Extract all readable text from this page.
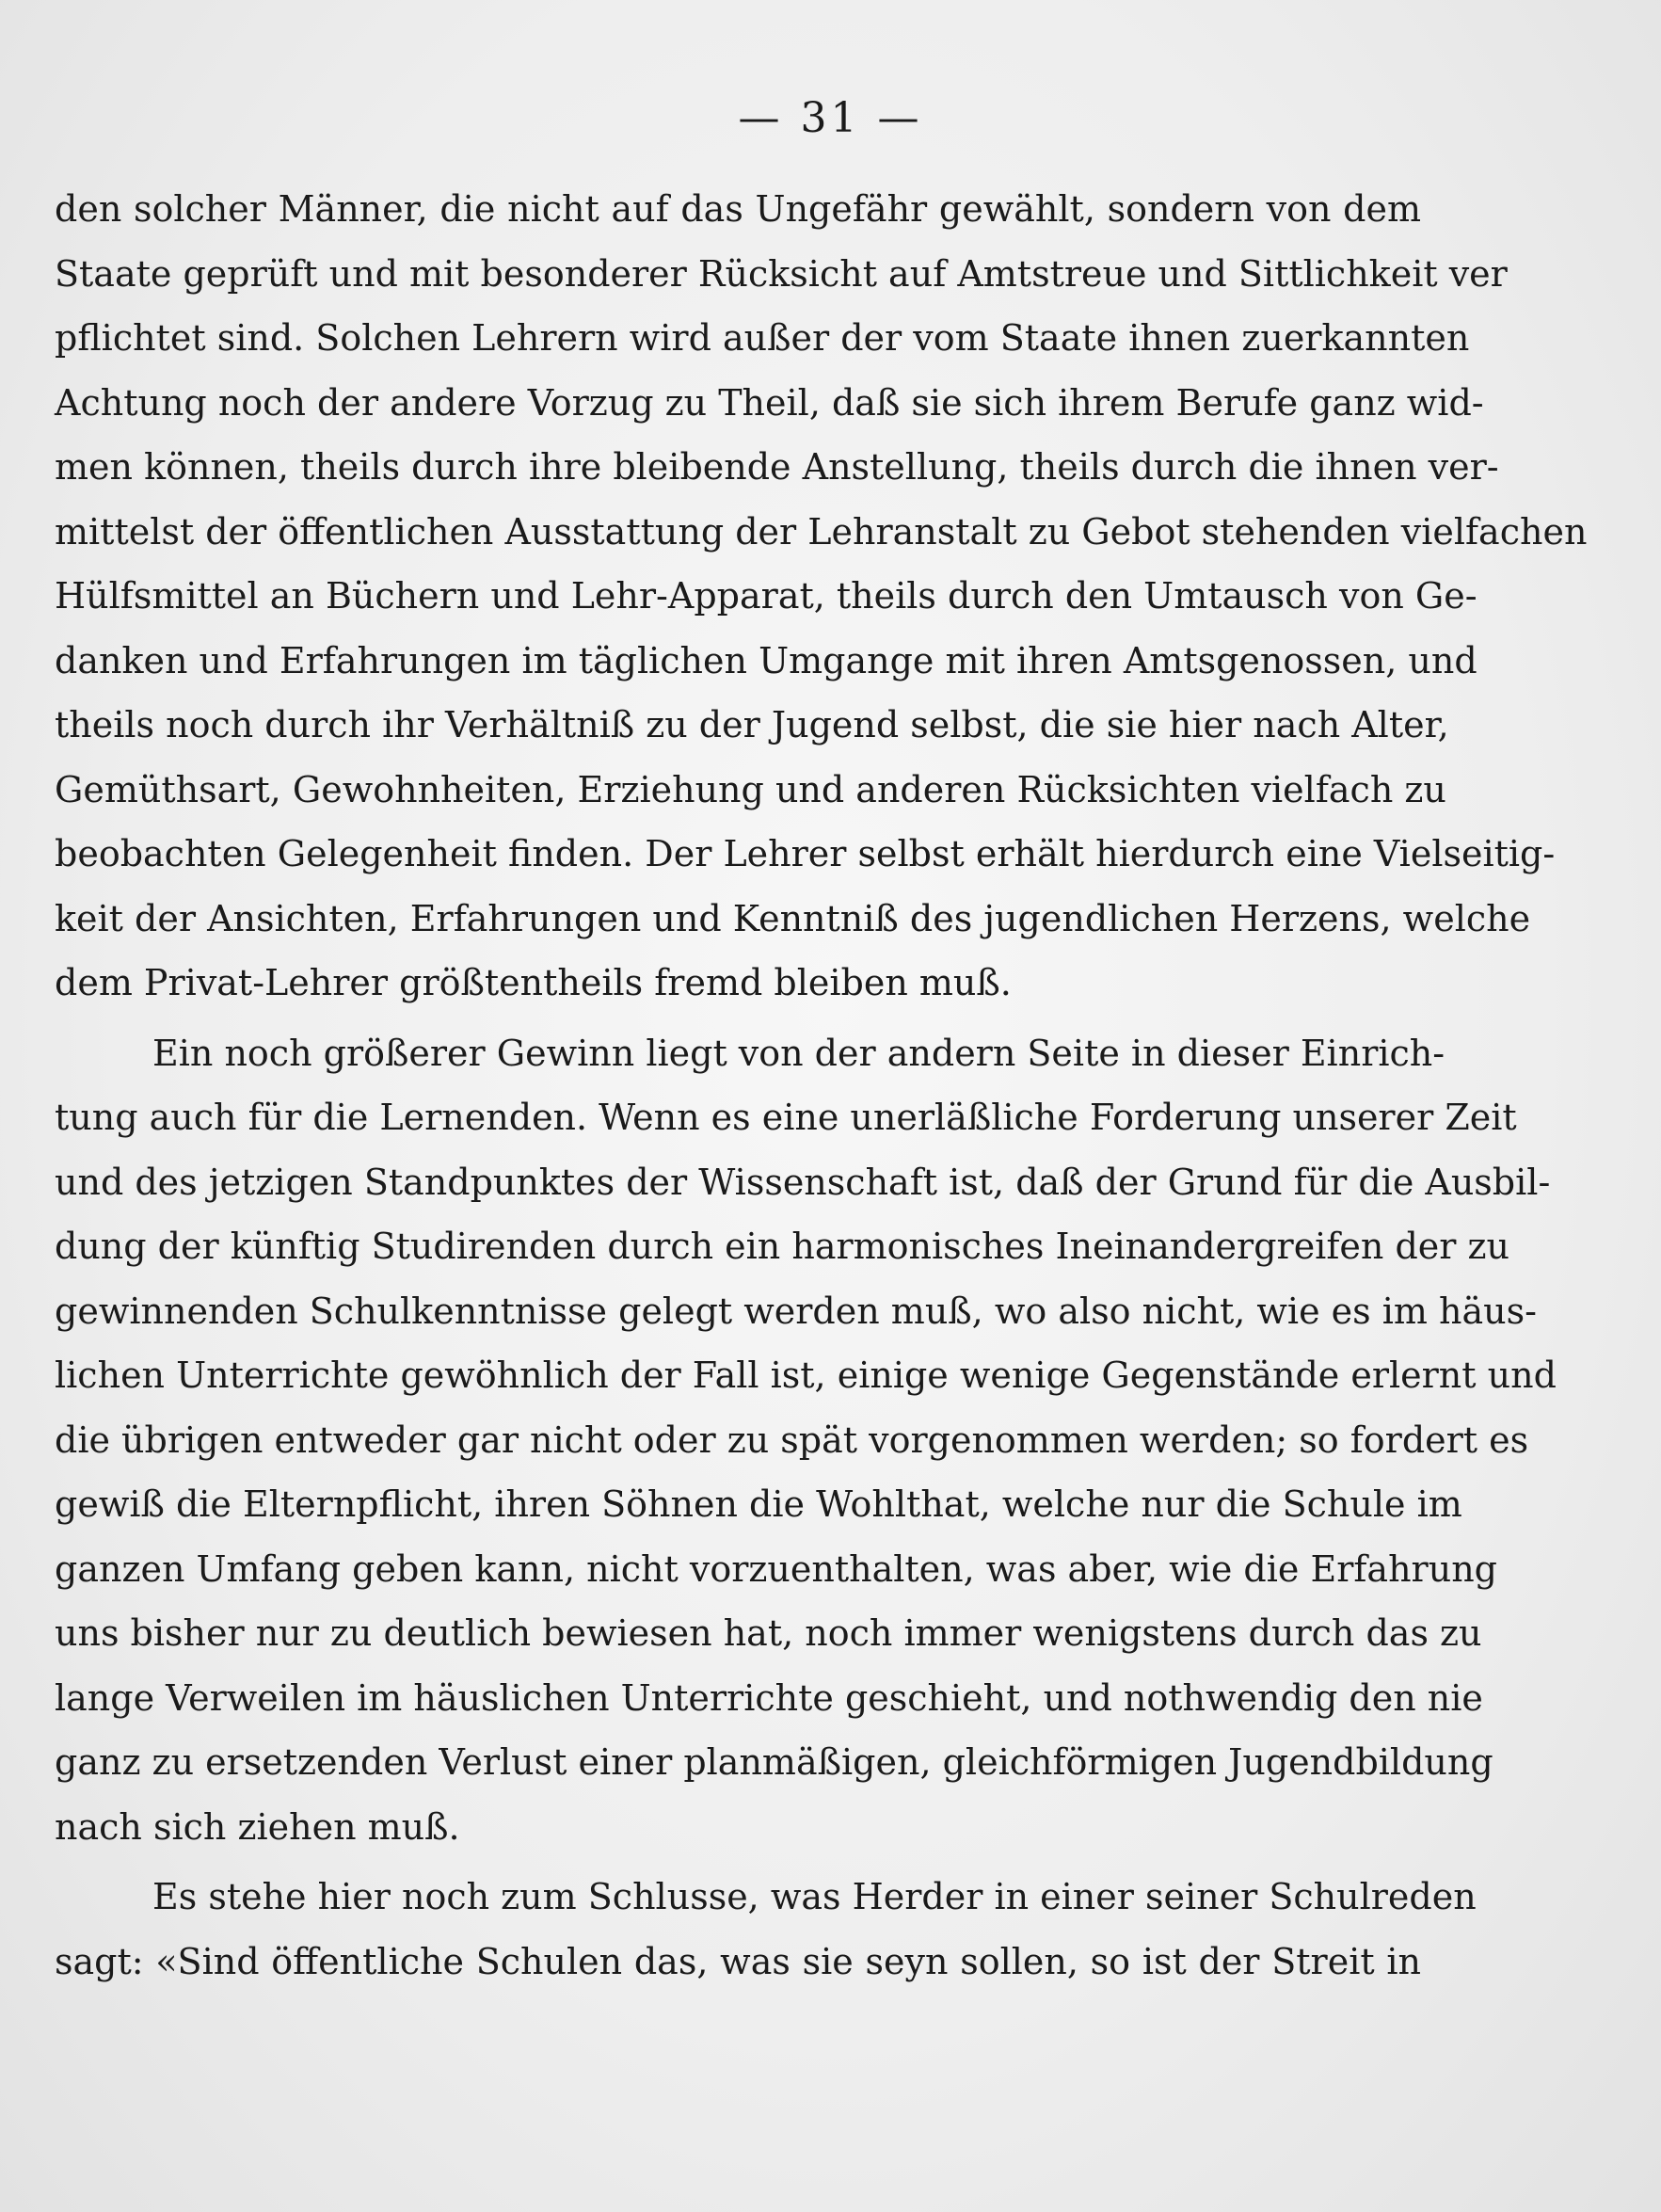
— 31 —
den solcher Männer, die nicht auf das Ungefähr gewählt, sondern von dem
Staate geprüft und mit besonderer Rücksicht auf Amtstreue und Sittlichkeit ver
pflichtet sind. Solchen Lehrern wird außer der vom Staate ihnen zuerkannten
Achtung noch der andere Vorzug zu Theil, daß sie sich ihrem Berufe ganz wid-
men können, theils durch ihre bleibende Anstellung, theils durch die ihnen ver-
mittelst der öffentlichen Ausstattung der Lehranstalt zu Gebot stehenden vielfachen
Hülfsmittel an Büchern und Lehr-Apparat, theils durch den Umtausch von Ge-
danken und Erfahrungen im täglichen Umgange mit ihren Amtsgenossen, und
theils noch durch ihr Verhältniß zu der Jugend selbst, die sie hier nach Alter,
Gemüthsart, Gewohnheiten, Erziehung und anderen Rücksichten vielfach zu
beobachten Gelegenheit finden. Der Lehrer selbst erhält hierdurch eine Vielseitig-
keit der Ansichten, Erfahrungen und Kenntniß des jugendlichen Herzens, welche
dem Privat-Lehrer größtentheils fremd bleiben muß.
Ein noch größerer Gewinn liegt von der andern Seite in dieser Einrich-
tung auch für die Lernenden. Wenn es eine unerläßliche Forderung unserer Zeit
und des jetzigen Standpunktes der Wissenschaft ist, daß der Grund für die Ausbil-
dung der künftig Studirenden durch ein harmonisches Ineinandergreifen der zu
gewinnenden Schulkenntnisse gelegt werden muß, wo also nicht, wie es im häus-
lichen Unterrichte gewöhnlich der Fall ist, einige wenige Gegenstände erlernt und
die übrigen entweder gar nicht oder zu spät vorgenommen werden; so fordert es
gewiß die Elternpflicht, ihren Söhnen die Wohlthat, welche nur die Schule im
ganzen Umfang geben kann, nicht vorzuenthalten, was aber, wie die Erfahrung
uns bisher nur zu deutlich bewiesen hat, noch immer wenigstens durch das zu
lange Verweilen im häuslichen Unterrichte geschieht, und nothwendig den nie
ganz zu ersetzenden Verlust einer planmäßigen, gleichförmigen Jugendbildung
nach sich ziehen muß.
Es stehe hier noch zum Schlusse, was Herder in einer seiner Schulreden
sagt: «Sind öffentliche Schulen das, was sie seyn sollen, so ist der Streit in
